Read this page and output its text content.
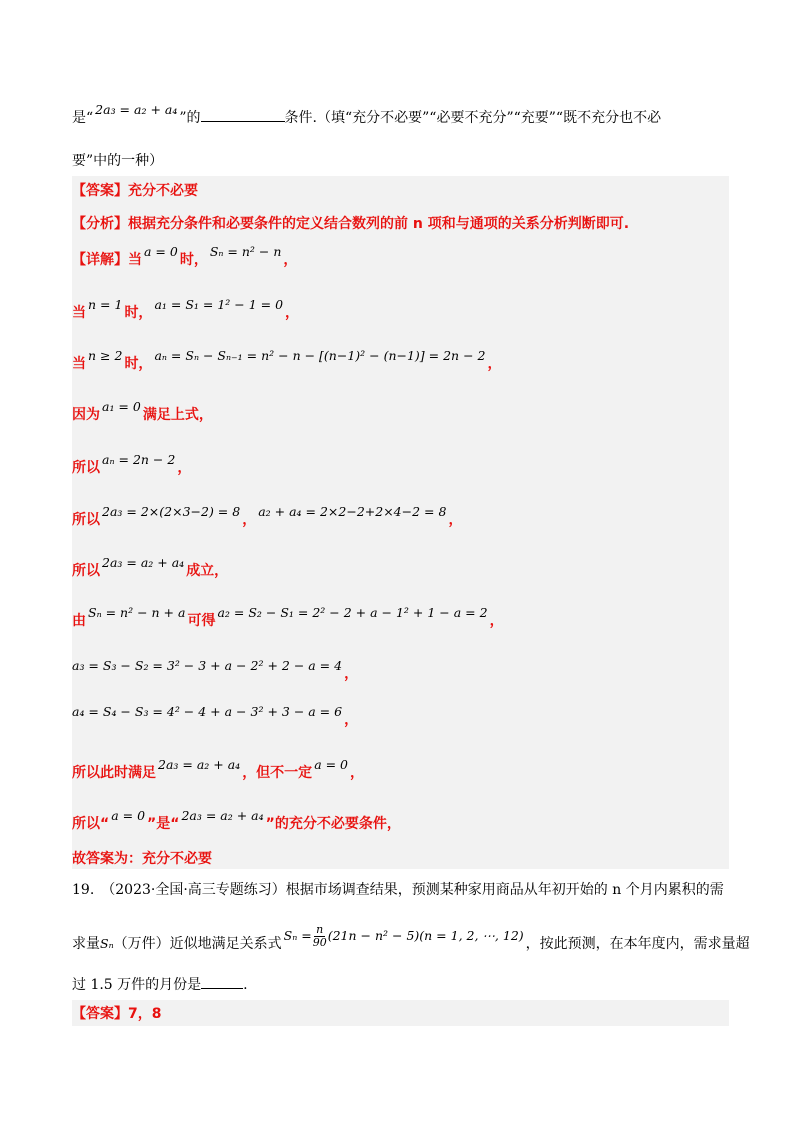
是“2a₃ = a₂ + a₄”的	条件.（填“充分不必要”“必要不充分”“充要”“既不充分也不必
要”中的一种）
【答案】充分不必要
【分析】根据充分条件和必要条件的定义结合数列的前 n 项和与通项的关系分析判断即可.
【详解】当a = 0时，Sₙ = n² − n，
当n = 1时，a₁ = S₁ = 1² − 1 = 0，
当n ≥ 2时，aₙ = Sₙ − Sₙ₋₁ = n² − n − [(n−1)² − (n−1)] = 2n − 2，
因为a₁ = 0满足上式，
所以aₙ = 2n − 2，
所以2a₃ = 2×(2×3−2) = 8，a₂ + a₄ = 2×2−2+2×4−2 = 8，
所以2a₃ = a₂ + a₄成立，
由Sₙ = n² − n + a可得a₂ = S₂ − S₁ = 2² − 2 + a − 1² + 1 − a = 2，
a₃ = S₃ − S₂ = 3² − 3 + a − 2² + 2 − a = 4，
a₄ = S₄ − S₃ = 4² − 4 + a − 3² + 3 − a = 6，
所以此时满足2a₃ = a₂ + a₄，但不一定a = 0，
所以“a = 0”是“2a₃ = a₂ + a₄”的充分不必要条件，
故答案为：充分不必要
19.　（2023·全国·高三专题练习）根据市场调查结果，预测某种家用商品从年初开始的 n 个月内累积的需
求量Sₙ（万件）近似地满足关系式$S_n = \frac{n}{90} (21n - n^2 - 5)(n = 1$, 2, ⋯, 12)，按此预测，在本年度内，需求量超
过 1.5 万件的月份是	.
【答案】7，8
